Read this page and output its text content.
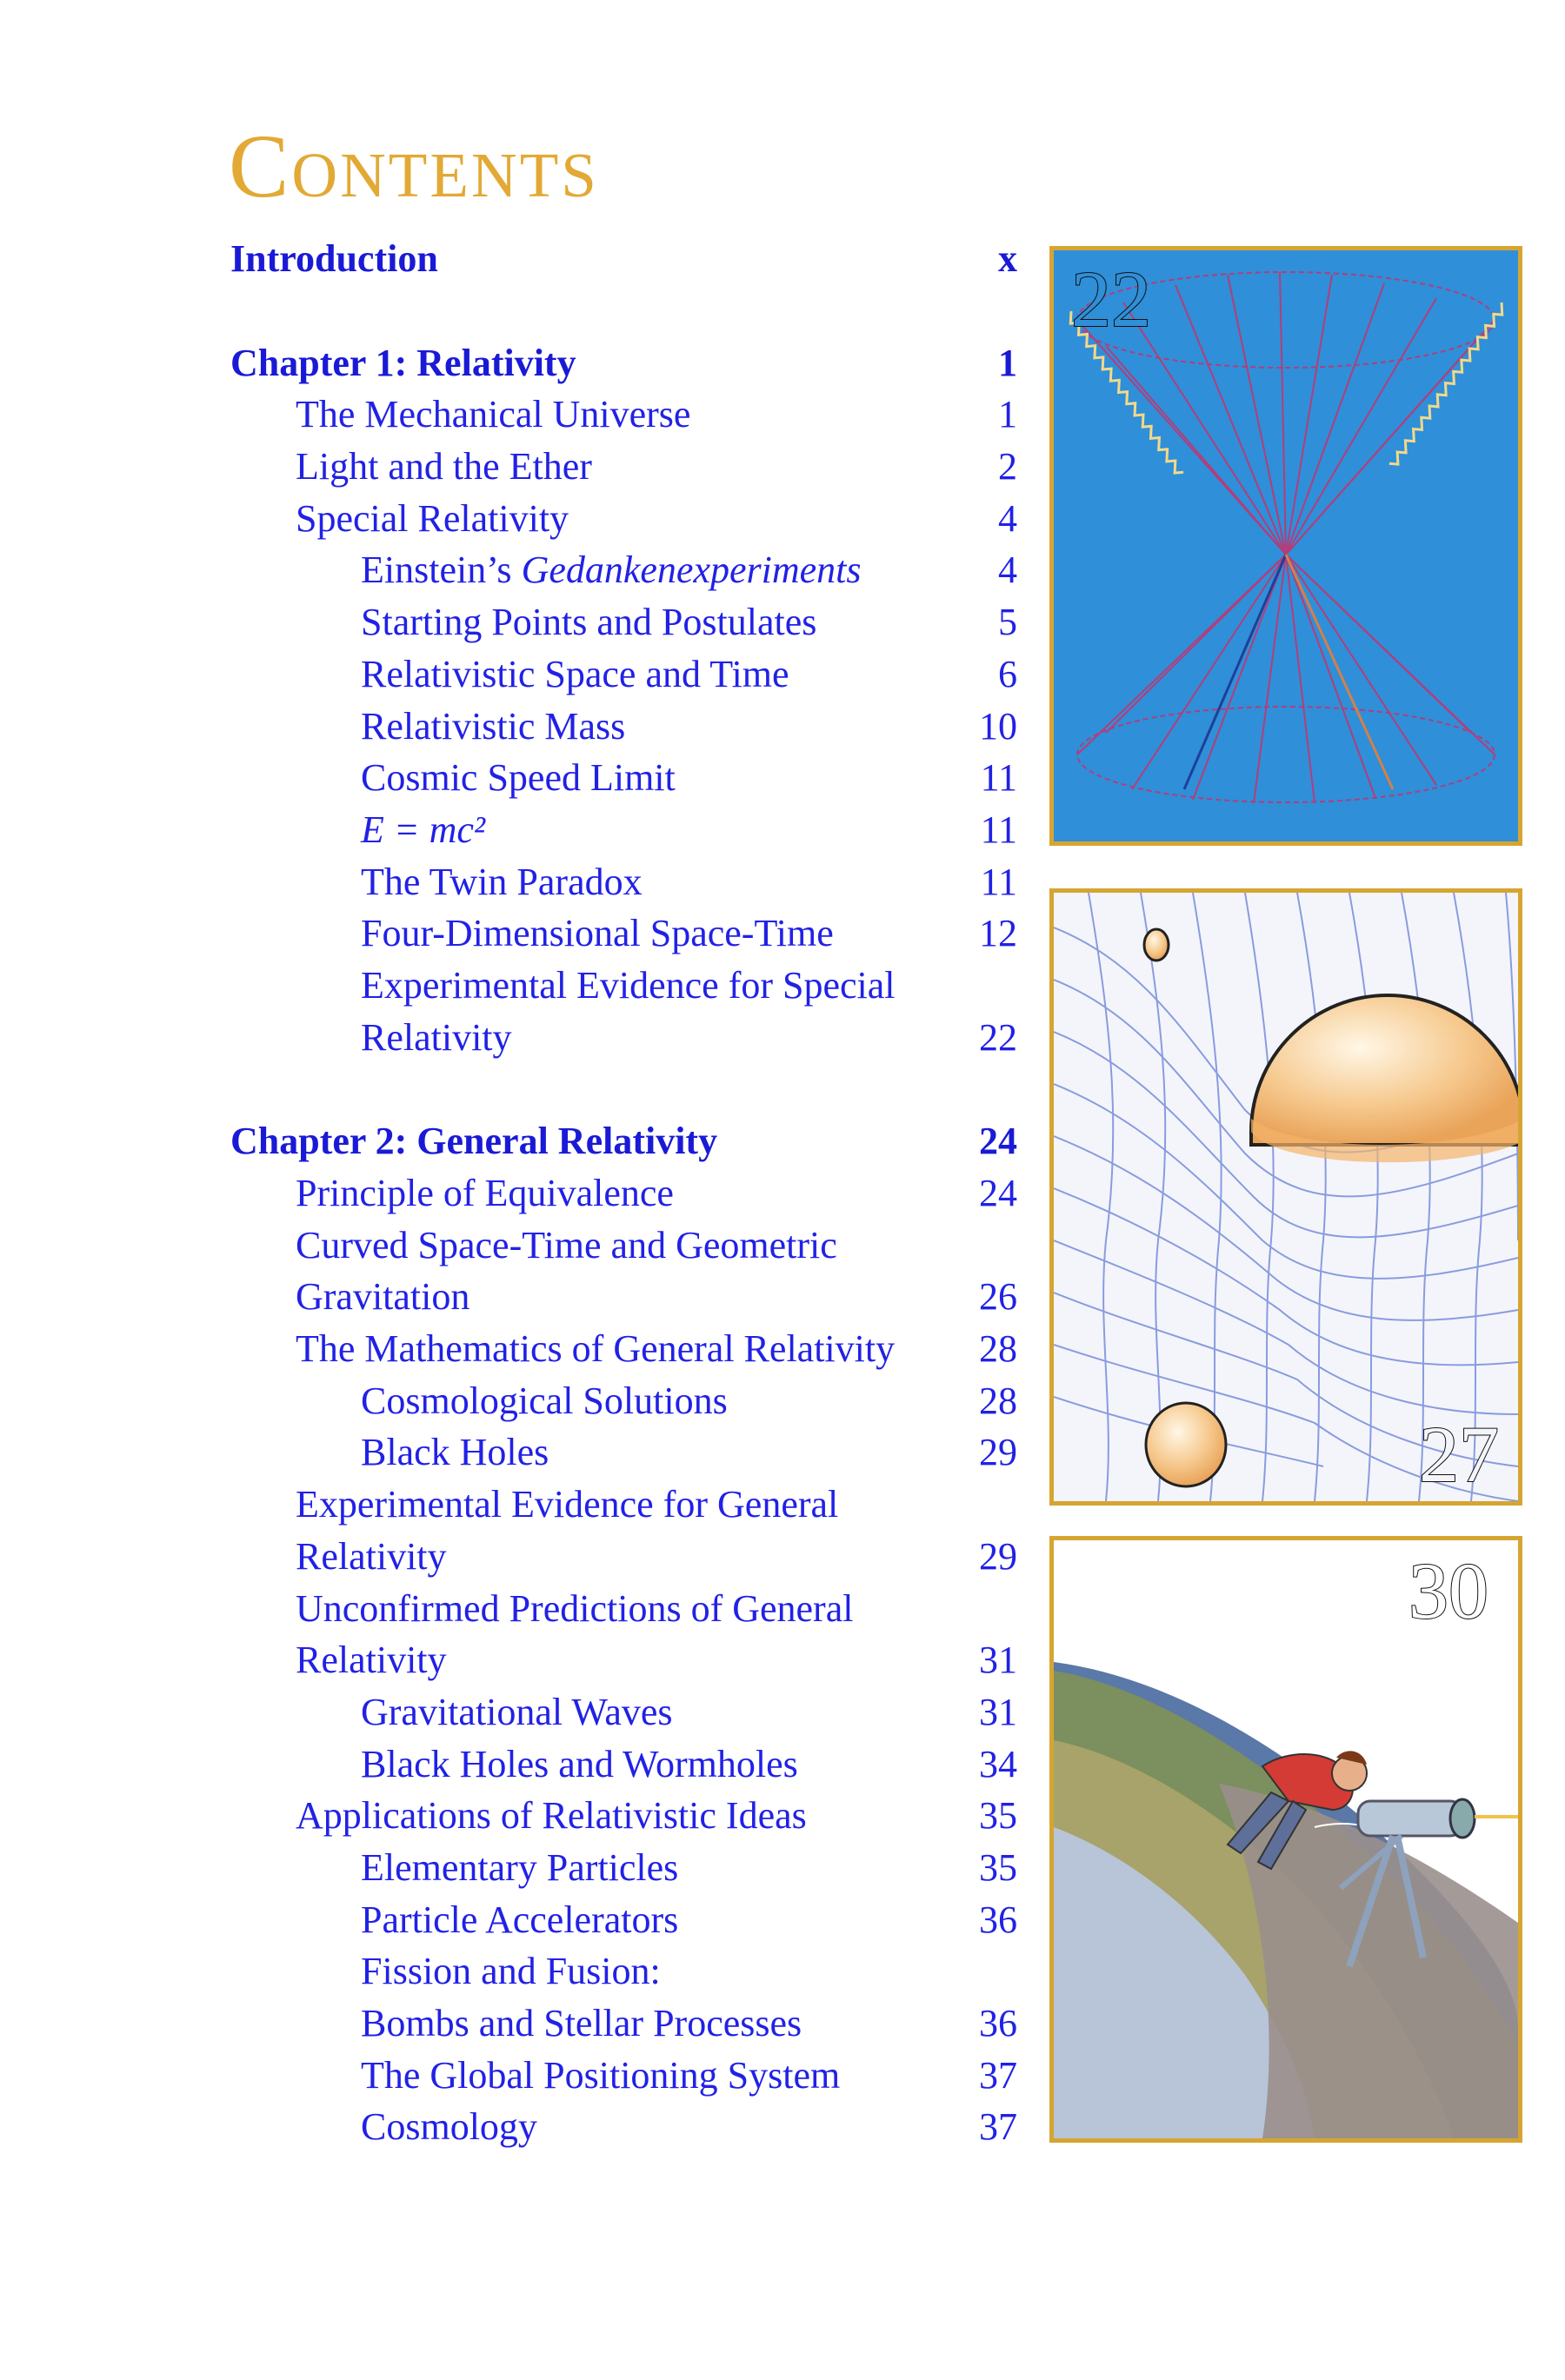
Contents
Introduction	x
Chapter 1: Relativity	1
The Mechanical Universe	1
Light and the Ether	2
Special Relativity	4
Einstein’s Gedankenexperiments	4
Starting Points and Postulates	5
Relativistic Space and Time	6
Relativistic Mass	10
Cosmic Speed Limit	11
E = mc²	11
The Twin Paradox	11
Four-Dimensional Space-Time	12
Experimental Evidence for Special
Relativity	22
Chapter 2: General Relativity	24
Principle of Equivalence	24
Curved Space-Time and Geometric
Gravitation	26
The Mathematics of General Relativity 28
Cosmological Solutions	28
Black Holes	29
Experimental Evidence for General
Relativity	29
Unconfirmed Predictions of General
Relativity	31
Gravitational Waves	31
Black Holes and Wormholes	34
Applications of Relativistic Ideas	35
Elementary Particles	35
Particle Accelerators	36
Fission and Fusion:
Bombs and Stellar Processes	36
The Global Positioning System	37
Cosmology	37
22
27
30
